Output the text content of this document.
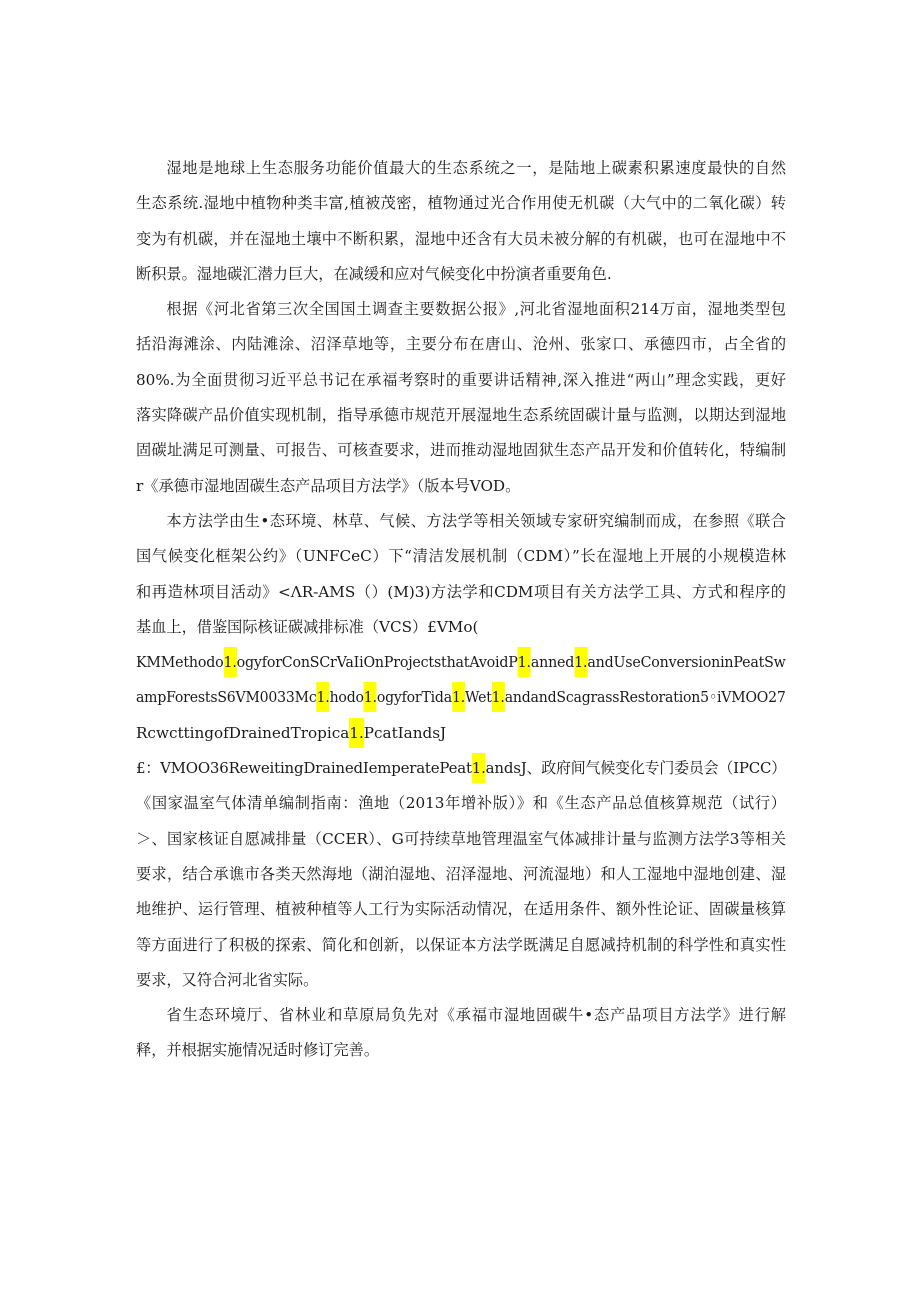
湿地是地球上生态服务功能价值最大的生态系统之一，是陆地上碳素积累速度最快的自然
生态系统.湿地中植物种类丰富,植被茂密，植物通过光合作用使无机碳（大气中的二氧化碳）转
变为有机碳，并在湿地土壤中不断积累，湿地中还含有大员未被分解的有机碳，也可在湿地中不
断积景。湿地碳汇潜力巨大，在减缓和应对气候变化中扮演者重要角色.

根据《河北省第三次全国国土调查主要数据公报》,河北省湿地面积214万亩，湿地类型包
括沿海滩涂、内陆滩涂、沼泽草地等，主要分布在唐山、沧州、张家口、承德四市，占全省的
80%.为全面贯彻习近平总书记在承福考察时的重要讲话精神,深入推进“两山”理念实践，更好
落实降碳产品价值实现机制，指导承德市规范开展湿地生态系统固碳计量与监测，以期达到湿地
固碳址满足可测量、可报告、可核查要求，进而推动湿地固狱生态产品开发和价值转化，特编制
r《承德市湿地固碳生态产品项目方法学》（版本号VOD。

本方法学由生•态环境、林草、气候、方法学等相关领域专家研究编制而成，在参照《联合
国气候变化框架公约》（UNFCeC）下“清洁发展机制（CDM）”长在湿地上开展的小规模造林
和再造林项目活动》<ΛR-AMS（）(M)3)方法学和CDM项目有关方法学工具、方式和程序的
基血上，借鉴国际核证碳减排标准（VCS）£VMo(
KMMethodo1.ogyforConSCrVaIiOnProjectsthatAvoidP1.anned1.andUseConversioninPeatSw
ampForestsS6VM0033Mc1.hodo1.ogyforTida1.Wet1.andandScagrassRestoration5◦iVMOO27
RcwcttingofDrainedTropica1.PcatIandsJ
£：VMOO36ReweitingDrainedIemperatePeat1.andsJ、政府间气候变化专门委员会（IPCC）
《国家温室气体清单编制指南：渔地（2013年增补版）》和《生态产品总值核算规范（试行）
＞、国家核证自愿减排量（CCER）、G可持续草地管理温室气体减排计量与监测方法学3等相关
要求，结合承谯市各类天然海地（湖泊湿地、沼泽湿地、河流湿地）和人工湿地中湿地创建、湿
地维护、运行管理、植被种植等人工行为实际活动情况，在适用条件、额外性论证、固碳量核算
等方面进行了积极的探索、简化和创新，以保证本方法学既满足自愿减持机制的科学性和真实性
要求，又符合河北省实际。

省生态环境厅、省林业和草原局负先对《承福市湿地固碳牛•态产品项目方法学》进行解
释，并根据实施情况适时修订完善。
